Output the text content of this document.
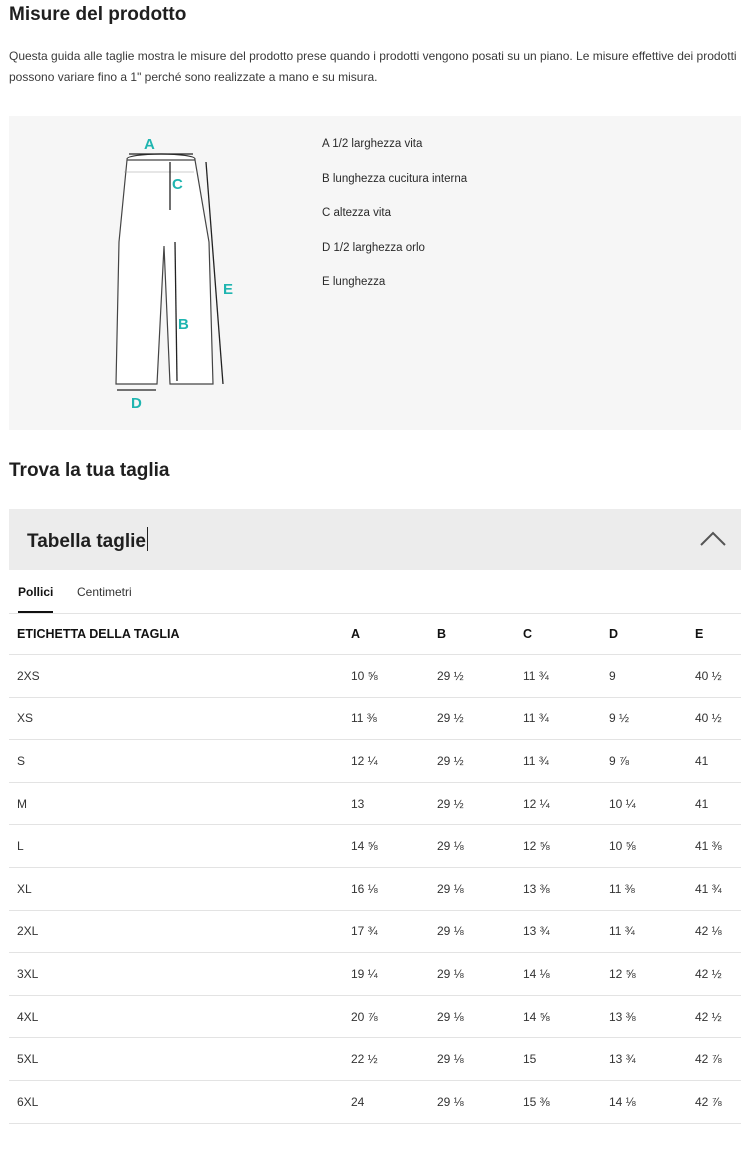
Misure del prodotto

Questa guida alle taglie mostra le misure del prodotto prese quando i prodotti vengono posati su un piano. Le misure effettive dei prodotti possono variare fino a 1" perché sono realizzate a mano e su misura.

A
C
B
E
D
A 1/2 larghezza vita
B lunghezza cucitura interna
C altezza vita
D 1/2 larghezza orlo
E lunghezza
Trova la tua taglia
Tabella taglie
Pollici Centimetri
ETICHETTA DELLA TAGLIA	A	B	C	D	E
2XS	10 ⅝	29 ½	11 ¾	9	40 ½
XS	11 ⅜	29 ½	11 ¾	9 ½	40 ½
S	12 ¼	29 ½	11 ¾	9 ⅞	41
M	13	29 ½	12 ¼	10 ¼	41
L	14 ⅝	29 ⅛	12 ⅝	10 ⅝	41 ⅜
XL	16 ⅛	29 ⅛	13 ⅜	11 ⅜	41 ¾
2XL	17 ¾	29 ⅛	13 ¾	11 ¾	42 ⅛
3XL	19 ¼	29 ⅛	14 ⅛	12 ⅝	42 ½
4XL	20 ⅞	29 ⅛	14 ⅝	13 ⅜	42 ½
5XL	22 ½	29 ⅛	15	13 ¾	42 ⅞
6XL	24	29 ⅛	15 ⅜	14 ⅛	42 ⅞
